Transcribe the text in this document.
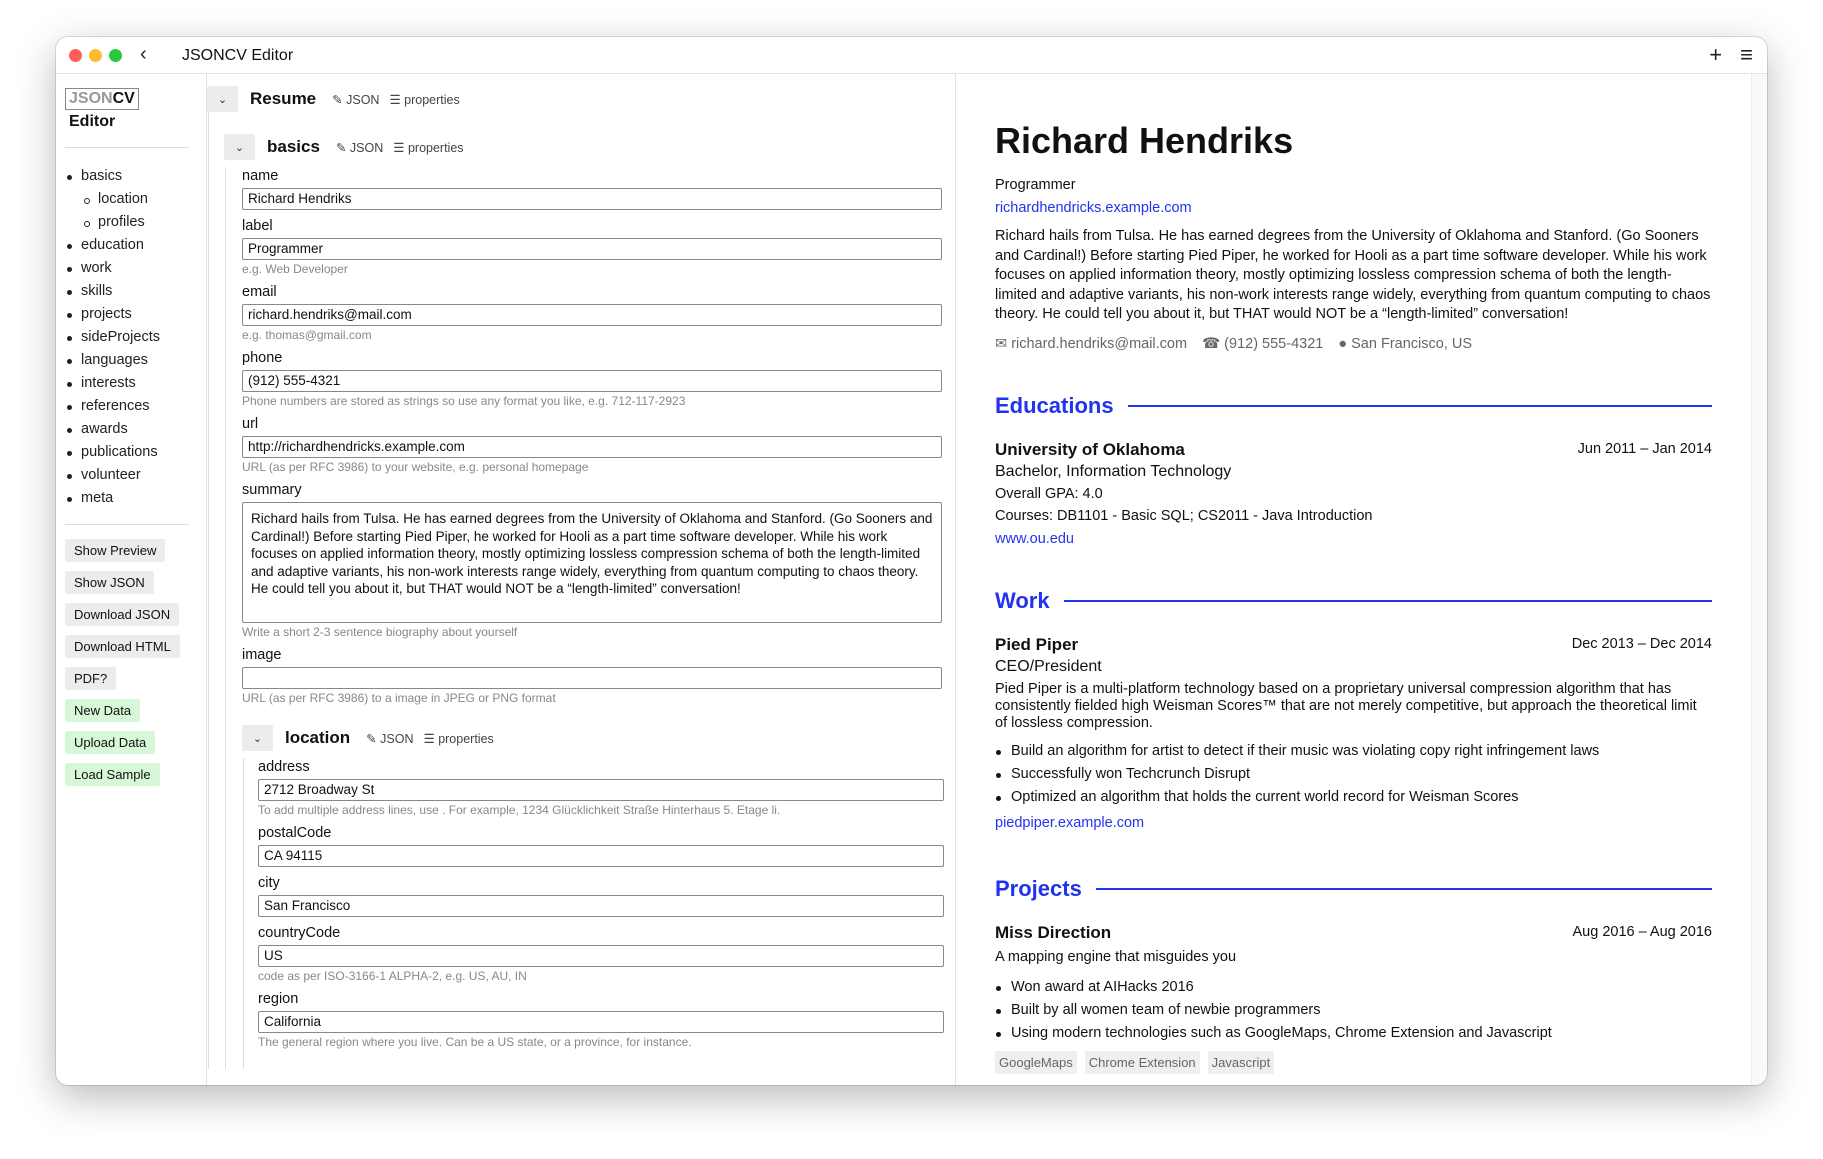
‹ JSONCV Editor	+ ≡
JSONCV
Editor
basics
location
profiles
education
work
skills
projects
sideProjects
languages
interests
references
awards
publications
volunteer
meta
Show Preview
Show JSON
Download JSON
Download HTML
PDF?
New Data
Upload Data
Load Sample
⌄	Resume ✎ JSON ☰ properties
⌄	basics ✎ JSON ☰ properties
name
Richard Hendriks
label
Programmer
e.g. Web Developer
email
richard.hendriks@mail.com
e.g. thomas@gmail.com
phone
(912) 555-4321
Phone numbers are stored as strings so use any format you like, e.g. 712-117-2923
url
http://richardhendricks.example.com
URL (as per RFC 3986) to your website, e.g. personal homepage
summary
Richard hails from Tulsa. He has earned degrees from the University of Oklahoma and Stanford. (Go Sooners and Cardinal!) Before starting Pied Piper, he worked for Hooli as a part time software developer. While his work focuses on applied information theory, mostly optimizing lossless compression schema of both the length-limited and adaptive variants, his non-work interests range widely, everything from quantum computing to chaos theory. He could tell you about it, but THAT would NOT be a “length-limited” conversation!
Write a short 2-3 sentence biography about yourself
image
URL (as per RFC 3986) to a image in JPEG or PNG format
⌄	location ✎ JSON ☰ properties
address
2712 Broadway St
To add multiple address lines, use . For example, 1234 Glücklichkeit Straße Hinterhaus 5. Etage li.
postalCode
CA 94115
city
San Francisco
countryCode
US
code as per ISO-3166-1 ALPHA-2, e.g. US, AU, IN
region
California
The general region where you live. Can be a US state, or a province, for instance.
Richard Hendriks
Programmer
richardhendricks.example.com
Richard hails from Tulsa. He has earned degrees from the University of Oklahoma and Stanford. (Go Sooners and Cardinal!) Before starting Pied Piper, he worked for Hooli as a part time software developer. While his work focuses on applied information theory, mostly optimizing lossless compression schema of both the length-limited and adaptive variants, his non-work interests range widely, everything from quantum computing to chaos theory. He could tell you about it, but THAT would NOT be a “length-limited” conversation!
✉ richard.hendriks@mail.com ☎ (912) 555-4321 ● San Francisco, US
Educations
University of Oklahoma	Jun 2011 – Jan 2014
Bachelor, Information Technology
Overall GPA: 4.0
Courses: DB1101 - Basic SQL; CS2011 - Java Introduction
www.ou.edu
Work
Pied Piper	Dec 2013 – Dec 2014
CEO/President
Pied Piper is a multi-platform technology based on a proprietary universal compression algorithm that has consistently fielded high Weisman Scores™ that are not merely competitive, but approach the theoretical limit of lossless compression.
Build an algorithm for artist to detect if their music was violating copy right infringement laws
Successfully won Techcrunch Disrupt
Optimized an algorithm that holds the current world record for Weisman Scores
piedpiper.example.com
Projects
Miss Direction	Aug 2016 – Aug 2016
A mapping engine that misguides you
Won award at AIHacks 2016
Built by all women team of newbie programmers
Using modern technologies such as GoogleMaps, Chrome Extension and Javascript
GoogleMaps	Chrome Extension	Javascript
